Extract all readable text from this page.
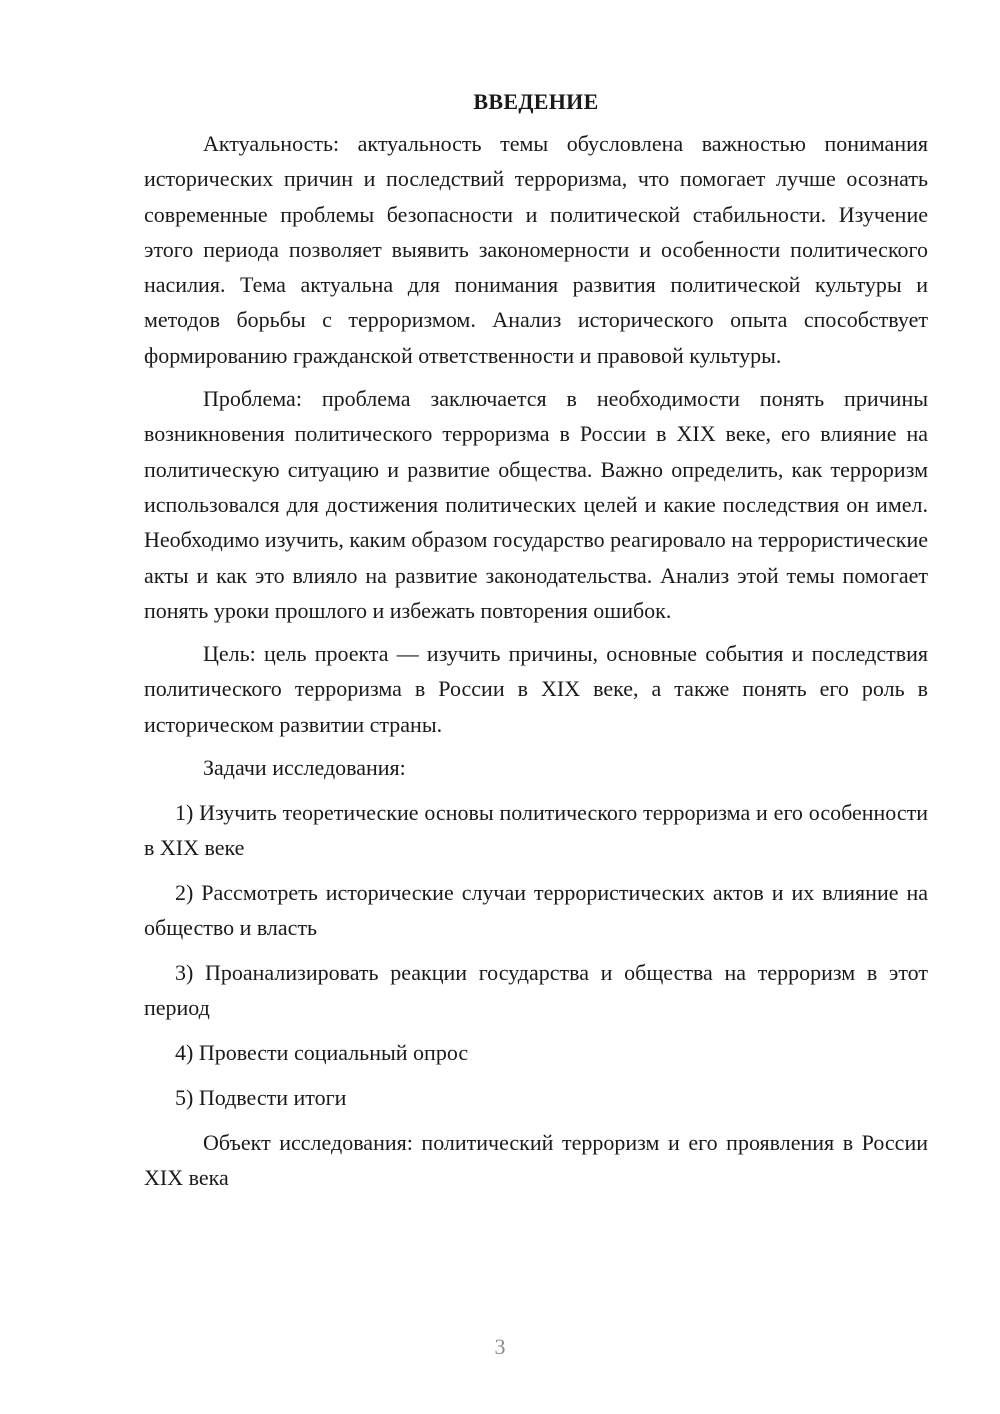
ВВЕДЕНИЕ

Актуальность: актуальность темы обусловлена важностью понимания исторических причин и последствий терроризма, что помогает лучше осознать современные проблемы безопасности и политической стабильности. Изучение этого периода позволяет выявить закономерности и особенности политического насилия. Тема актуальна для понимания развития политической культуры и методов борьбы с терроризмом. Анализ исторического опыта способствует формированию гражданской ответственности и правовой культуры.

Проблема: проблема заключается в необходимости понять причины возникновения политического терроризма в России в XIX веке, его влияние на политическую ситуацию и развитие общества. Важно определить, как терроризм использовался для достижения политических целей и какие последствия он имел. Необходимо изучить, каким образом государство реагировало на террористические акты и как это влияло на развитие законодательства. Анализ этой темы помогает понять уроки прошлого и избежать повторения ошибок.

Цель: цель проекта — изучить причины, основные события и последствия политического терроризма в России в XIX веке, а также понять его роль в историческом развитии страны.

Задачи исследования:

1) Изучить теоретические основы политического терроризма и его особенности в XIX веке

2) Рассмотреть исторические случаи террористических актов и их влияние на общество и власть

3) Проанализировать реакции государства и общества на терроризм в этот период

4) Провести социальный опрос

5) Подвести итоги

Объект исследования: политический терроризм и его проявления в России XIX века

3
